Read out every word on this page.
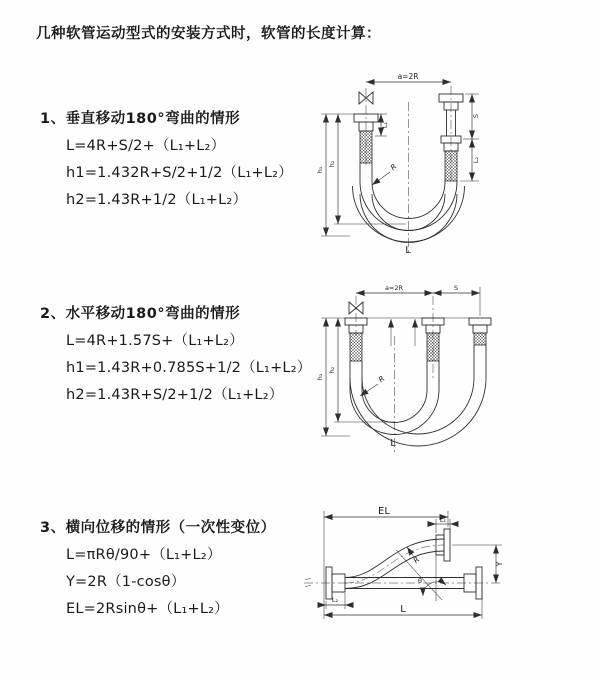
几种软管运动型式的安装方式时，软管的长度计算：
1、垂直移动180°弯曲的情形
L=4R+S/2+（L₁+L₂）
h1=1.432R+S/2+1/2（L₁+L₂）
h2=1.43R+1/2（L₁+L₂）
a=2R
L₁
S
L₂
h₂
h₁	R
L
2、水平移动180°弯曲的情形
L=4R+1.57S+（L₁+L₂）
h1=1.43R+0.785S+1/2（L₁+L₂）
h2=1.43R+S/2+1/2（L₁+L₂）
a=2R	S
h₂
h₁	R
L
3、横向位移的情形（一次性变位）
L=πRθ/90+（L₁+L₂）
Y=2R（1-cosθ）
EL=2Rsinθ+（L₁+L₂）
EL
L₁
Y
θ
R
L₂
L
